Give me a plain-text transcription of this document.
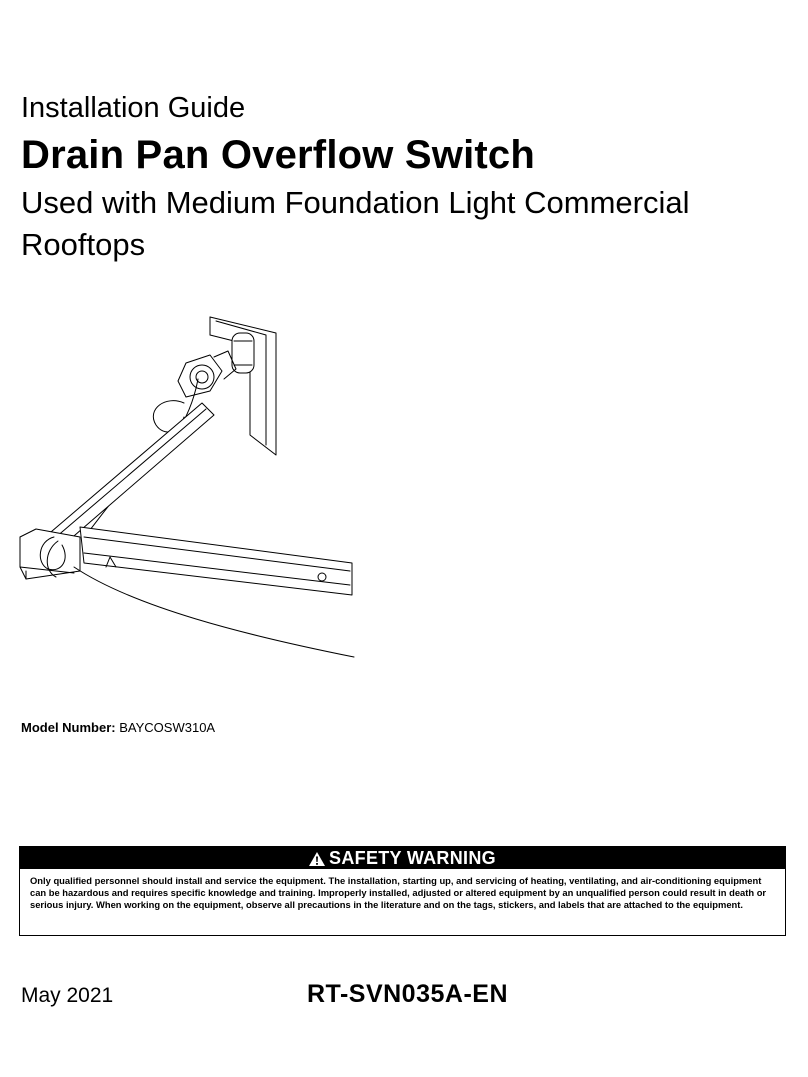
Installation Guide
Drain Pan Overflow Switch
Used with Medium Foundation Light Commercial Rooftops
Model Number: BAYCOSW310A
SAFETY WARNING
Only qualified personnel should install and service the equipment. The installation, starting up, and servicing of heating, ventilating, and air-conditioning equipment can be hazardous and requires specific knowledge and training. Improperly installed, adjusted or altered equipment by an unqualified person could result in death or serious injury. When working on the equipment, observe all precautions in the literature and on the tags, stickers, and labels that are attached to the equipment.
May 2021	RT-SVN035A-EN
